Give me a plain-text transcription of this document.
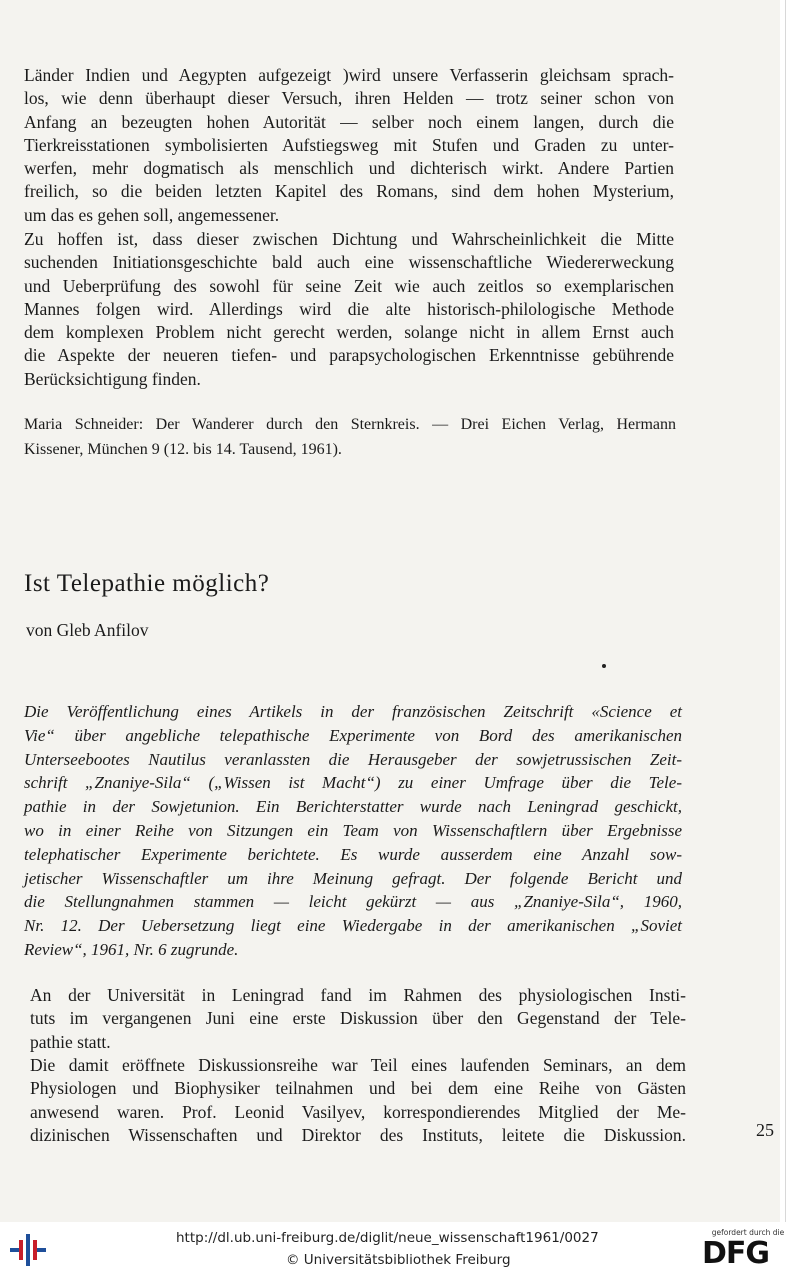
Länder Indien und Aegypten aufgezeigt )wird unsere Verfasserin gleichsam sprach-
los, wie denn überhaupt dieser Versuch, ihren Helden — trotz seiner schon von
Anfang an bezeugten hohen Autorität — selber noch einem langen, durch die
Tierkreisstationen symbolisierten Aufstiegsweg mit Stufen und Graden zu unter-
werfen, mehr dogmatisch als menschlich und dichterisch wirkt. Andere Partien
freilich, so die beiden letzten Kapitel des Romans, sind dem hohen Mysterium,
um das es gehen soll, angemessener.
Zu hoffen ist, dass dieser zwischen Dichtung und Wahrscheinlichkeit die Mitte
suchenden Initiationsgeschichte bald auch eine wissenschaftliche Wiedererweckung
und Ueberprüfung des sowohl für seine Zeit wie auch zeitlos so exemplarischen
Mannes folgen wird. Allerdings wird die alte historisch-philologische Methode
dem komplexen Problem nicht gerecht werden, solange nicht in allem Ernst auch
die Aspekte der neueren tiefen- und parapsychologischen Erkenntnisse gebührende
Berücksichtigung finden.
Maria Schneider: Der Wanderer durch den Sternkreis. — Drei Eichen Verlag, Hermann
Kissener, München 9 (12. bis 14. Tausend, 1961).
Ist Telepathie möglich?

von Gleb Anfilov

Die Veröffentlichung eines Artikels in der französischen Zeitschrift «Science et
Vie“ über angebliche telepathische Experimente von Bord des amerikanischen
Unterseebootes Nautilus veranlassten die Herausgeber der sowjetrussischen Zeit-
schrift „Znaniye-Sila“ („Wissen ist Macht“) zu einer Umfrage über die Tele-
pathie in der Sowjetunion. Ein Berichterstatter wurde nach Leningrad geschickt,
wo in einer Reihe von Sitzungen ein Team von Wissenschaftlern über Ergebnisse
telephatischer Experimente berichtete. Es wurde ausserdem eine Anzahl sow-
jetischer Wissenschaftler um ihre Meinung gefragt. Der folgende Bericht und
die Stellungnahmen stammen — leicht gekürzt — aus „Znaniye-Sila“, 1960,
Nr. 12. Der Uebersetzung liegt eine Wiedergabe in der amerikanischen „Soviet
Review“, 1961, Nr. 6 zugrunde.
An der Universität in Leningrad fand im Rahmen des physiologischen Insti-
tuts im vergangenen Juni eine erste Diskussion über den Gegenstand der Tele-
pathie statt.
Die damit eröffnete Diskussionsreihe war Teil eines laufenden Seminars, an dem
Physiologen und Biophysiker teilnahmen und bei dem eine Reihe von Gästen
anwesend waren. Prof. Leonid Vasilyev, korrespondierendes Mitglied der Me-
dizinischen Wissenschaften und Direktor des Instituts, leitete die Diskussion.	25
http://dl.ub.uni-freiburg.de/diglit/neue_wissenschaft1961/0027
© Universitätsbibliothek Freiburg
gefordert durch die
DFG
